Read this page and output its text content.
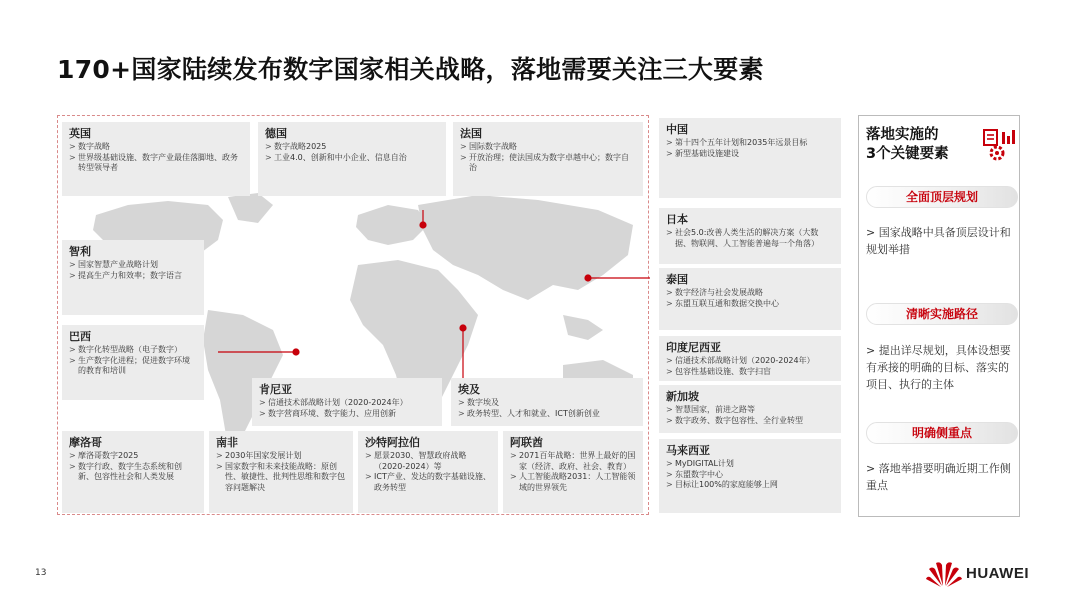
170+国家陆续发布数字国家相关战略，落地需要关注三大要素
英国
> 数字战略
> 世界级基础设施、数字产业最佳落脚地、政务转型领导者
德国
> 数字战略2025
> 工业4.0、创新和中小企业、信息自治
法国
> 国际数字战略
> 开放治理；使法国成为数字卓越中心；数字自治
智利
> 国家智慧产业战略计划
> 提高生产力和效率；数字语言
巴西
> 数字化转型战略（电子数字）
> 生产数字化进程；促进数字环境的教育和培训
肯尼亚
> 信通技术部战略计划（2020-2024年）
> 数字营商环境、数字能力、应用创新
埃及
> 数字埃及
> 政务转型、人才和就业、ICT创新创业
摩洛哥
> 摩洛哥数字2025
> 数字行政、数字生态系统和创新、包容性社会和人类发展
南非
> 2030年国家发展计划
> 国家数字和未来技能战略：原创性、敏捷性、批判性思维和数字包容问题解决
沙特阿拉伯
> 愿景2030、智慧政府战略（2020-2024）等
> ICT产业、发达的数字基础设施、政务转型
阿联酋
> 2071百年战略：世界上最好的国家（经济、政府、社会、教育）
> 人工智能战略2031：人工智能领域的世界领先
中国
> 第十四个五年计划和2035年远景目标
> 新型基础设施建设
日本
> 社会5.0:改善人类生活的解决方案（大数据、物联网、人工智能普遍每一个角落）
泰国
> 数字经济与社会发展战略
> 东盟互联互通和数据交换中心
印度尼西亚
> 信通技术部战略计划（2020-2024年）
> 包容性基础设施、数字扫盲
新加坡
> 智慧国家，前进之路等
> 数字政务、数字包容性、全行业转型
马来西亚
> MyDIGITAL计划
> 东盟数字中心
> 目标让100%的家庭能够上网
落地实施的
3个关键要素
全面顶层规划
> 国家战略中具备顶层设计和规划举措
清晰实施路径
> 提出详尽规划，具体设想要有承接的明确的目标、落实的项目、执行的主体
明确侧重点
> 落地举措要明确近期工作侧重点
13	HUAWEI
